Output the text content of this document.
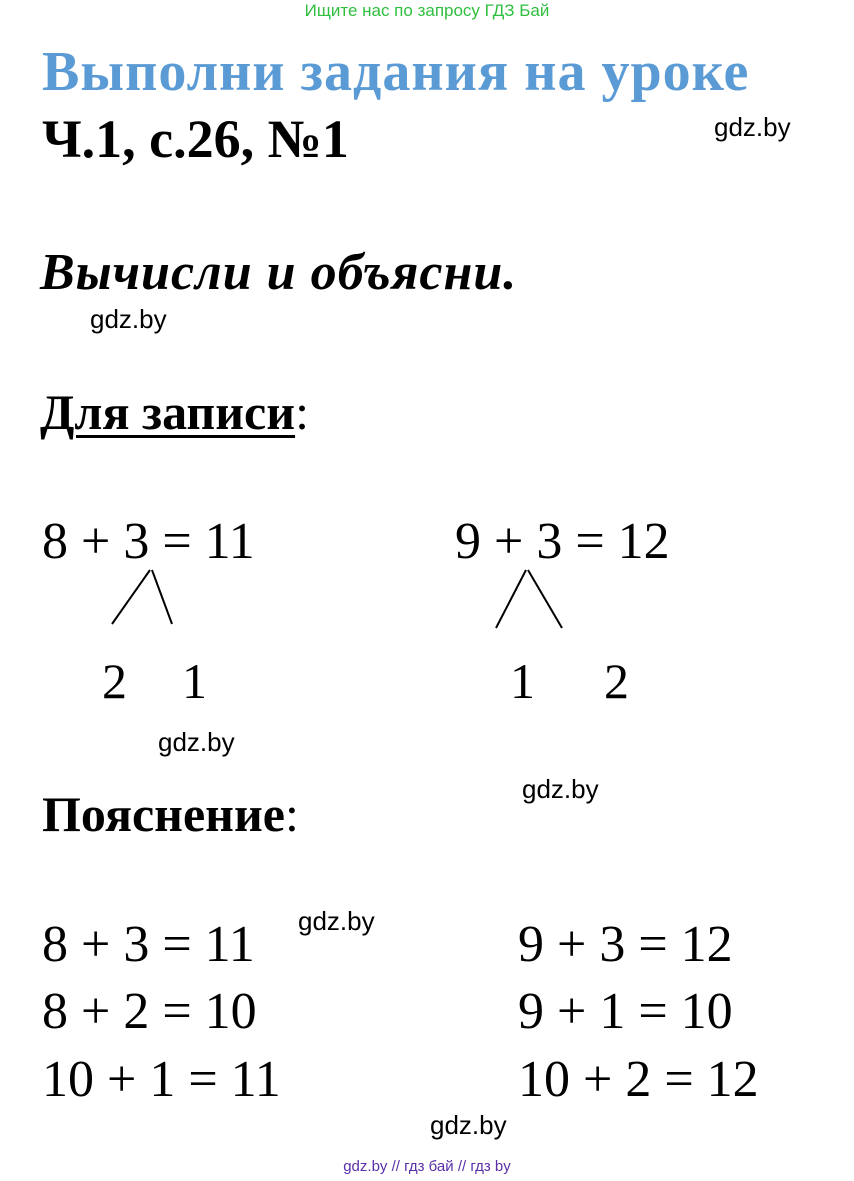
Ищите нас по запросу ГДЗ Бай
Выполни задания на уроке
Ч.1, с.26, №1	gdz.by
Вычисли и объясни.
gdz.by
Для записи:
8 + 3 = 11
2 1
9 + 3 = 12
1 2
gdz.by
gdz.by
Пояснение:
8 + 3 = 11 gdz.by
8 + 2 = 10
10 + 1 = 11
9 + 3 = 12
9 + 1 = 10
10 + 2 = 12
gdz.by
gdz.by // гдз бай // гдз by
